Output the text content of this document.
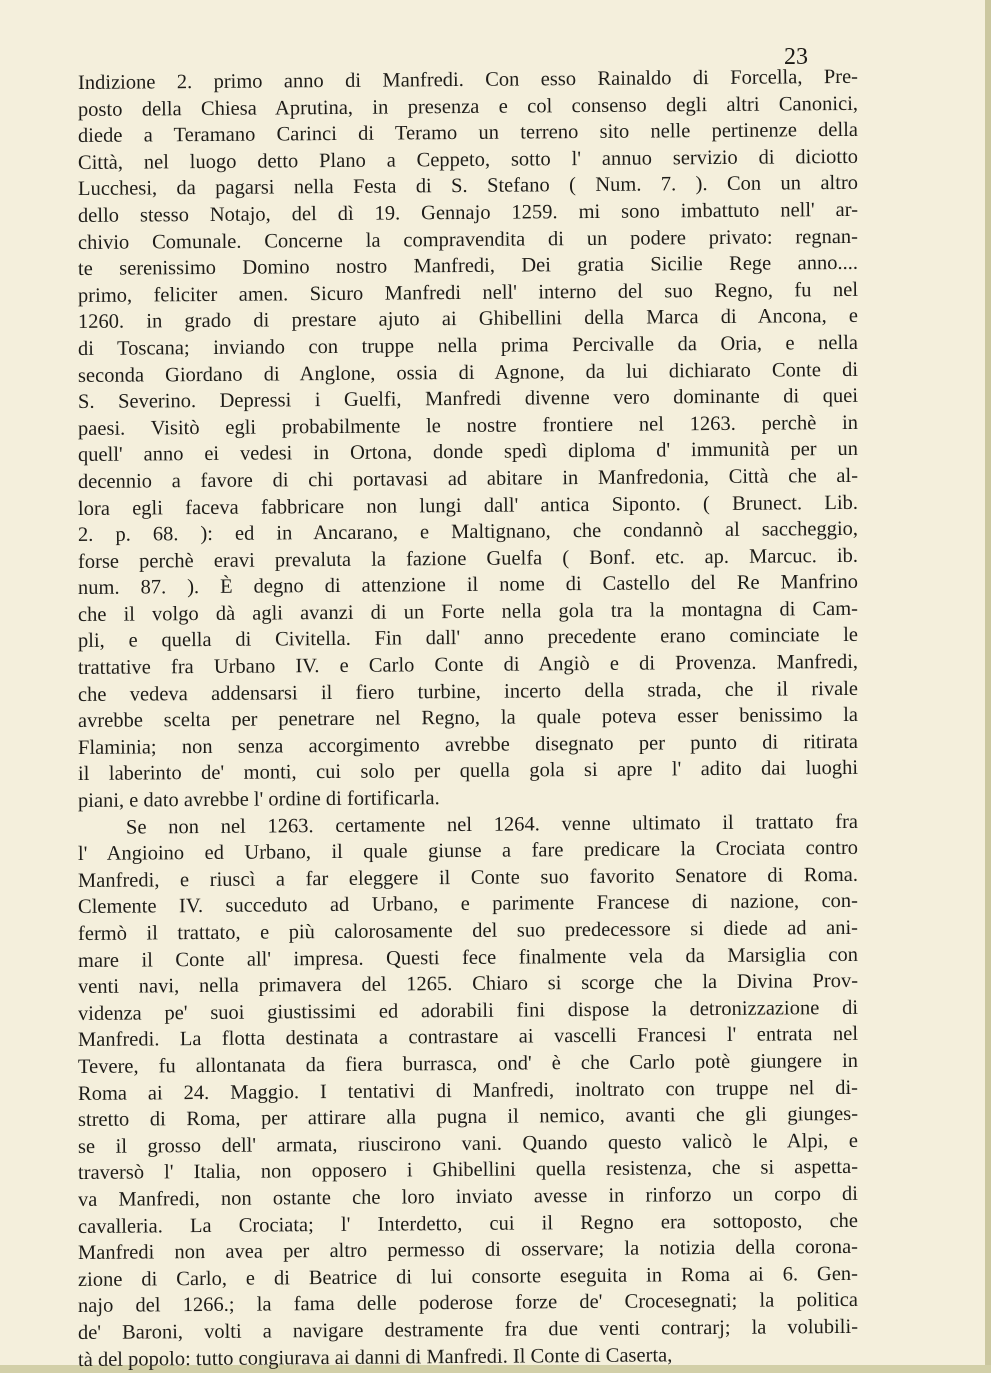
23
Indizione 2. primo anno di Manfredi. Con esso Rainaldo di Forcella, Pre-
posto della Chiesa Aprutina, in presenza e col consenso degli altri Canonici,
diede a Teramano Carinci di Teramo un terreno sito nelle pertinenze della
Città, nel luogo detto Plano a Ceppeto, sotto l' annuo servizio di diciotto
Lucchesi, da pagarsi nella Festa di S. Stefano ( Num. 7. ). Con un altro
dello stesso Notajo, del dì 19. Gennajo 1259. mi sono imbattuto nell' ar-
chivio Comunale. Concerne la compravendita di un podere privato: regnan-
te serenissimo Domino nostro Manfredi, Dei gratia Sicilie Rege anno....
primo, feliciter amen. Sicuro Manfredi nell' interno del suo Regno, fu nel
1260. in grado di prestare ajuto ai Ghibellini della Marca di Ancona, e
di Toscana; inviando con truppe nella prima Percivalle da Oria, e nella
seconda Giordano di Anglone, ossia di Agnone, da lui dichiarato Conte di
S. Severino. Depressi i Guelfi, Manfredi divenne vero dominante di quei
paesi. Visitò egli probabilmente le nostre frontiere nel 1263. perchè in
quell' anno ei vedesi in Ortona, donde spedì diploma d' immunità per un
decennio a favore di chi portavasi ad abitare in Manfredonia, Città che al-
lora egli faceva fabbricare non lungi dall' antica Siponto. ( Brunect. Lib.
2. p. 68. ): ed in Ancarano, e Maltignano, che condannò al saccheggio,
forse perchè eravi prevaluta la fazione Guelfa ( Bonf. etc. ap. Marcuc. ib.
num. 87. ). È degno di attenzione il nome di Castello del Re Manfrino
che il volgo dà agli avanzi di un Forte nella gola tra la montagna di Cam-
pli, e quella di Civitella. Fin dall' anno precedente erano cominciate le
trattative fra Urbano IV. e Carlo Conte di Angiò e di Provenza. Manfredi,
che vedeva addensarsi il fiero turbine, incerto della strada, che il rivale
avrebbe scelta per penetrare nel Regno, la quale poteva esser benissimo la
Flaminia; non senza accorgimento avrebbe disegnato per punto di ritirata
il laberinto de' monti, cui solo per quella gola si apre l' adito dai luoghi
piani, e dato avrebbe l' ordine di fortificarla.
Se non nel 1263. certamente nel 1264. venne ultimato il trattato fra
l' Angioino ed Urbano, il quale giunse a fare predicare la Crociata contro
Manfredi, e riuscì a far eleggere il Conte suo favorito Senatore di Roma.
Clemente IV. succeduto ad Urbano, e parimente Francese di nazione, con-
fermò il trattato, e più calorosamente del suo predecessore si diede ad ani-
mare il Conte all' impresa. Questi fece finalmente vela da Marsiglia con
venti navi, nella primavera del 1265. Chiaro si scorge che la Divina Prov-
videnza pe' suoi giustissimi ed adorabili fini dispose la detronizzazione di
Manfredi. La flotta destinata a contrastare ai vascelli Francesi l' entrata nel
Tevere, fu allontanata da fiera burrasca, ond' è che Carlo potè giungere in
Roma ai 24. Maggio. I tentativi di Manfredi, inoltrato con truppe nel di-
stretto di Roma, per attirare alla pugna il nemico, avanti che gli giunges-
se il grosso dell' armata, riuscirono vani. Quando questo valicò le Alpi, e
traversò l' Italia, non opposero i Ghibellini quella resistenza, che si aspetta-
va Manfredi, non ostante che loro inviato avesse in rinforzo un corpo di
cavalleria. La Crociata; l' Interdetto, cui il Regno era sottoposto, che
Manfredi non avea per altro permesso di osservare; la notizia della corona-
zione di Carlo, e di Beatrice di lui consorte eseguita in Roma ai 6. Gen-
najo del 1266.; la fama delle poderose forze de' Crocesegnati; la politica
de' Baroni, volti a navigare destramente fra due venti contrarj; la volubili-
tà del popolo: tutto congiurava ai danni di Manfredi. Il Conte di Caserta,
